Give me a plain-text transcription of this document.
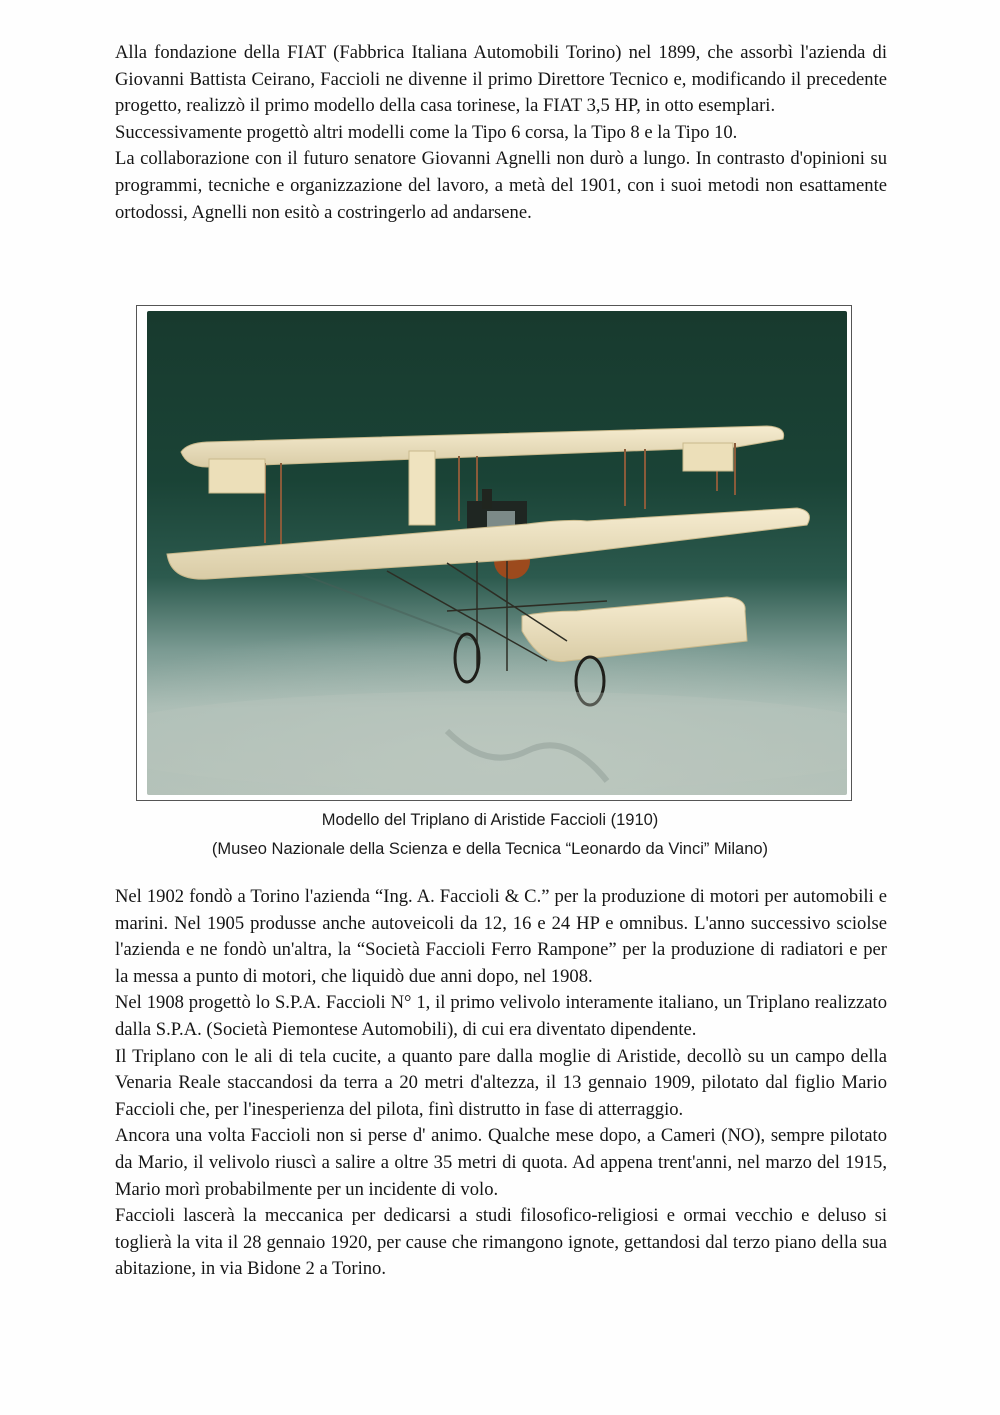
Alla fondazione della FIAT (Fabbrica Italiana Automobili Torino) nel 1899, che assorbì l'azienda di Giovanni Battista Ceirano, Faccioli ne divenne il primo Direttore Tecnico e, modificando il precedente progetto, realizzò il primo modello della casa torinese, la FIAT 3,5 HP, in otto esemplari.

Successivamente progettò altri modelli come la Tipo 6 corsa, la Tipo 8 e la Tipo 10.

La collaborazione con il futuro senatore Giovanni Agnelli non durò a lungo. In contrasto d'opinioni su programmi, tecniche e organizzazione del lavoro, a metà del 1901, con i suoi metodi non esattamente ortodossi, Agnelli non esitò a costringerlo ad andarsene.

Modello del Triplano di Aristide Faccioli (1910)
(Museo Nazionale della Scienza e della Tecnica “Leonardo da Vinci” Milano)

Nel 1902 fondò a Torino l'azienda “Ing. A. Faccioli & C.” per la produzione di motori per automobili e marini. Nel 1905 produsse anche autoveicoli da 12, 16 e 24 HP e omnibus. L'anno successivo sciolse l'azienda e ne fondò un'altra, la “Società Faccioli Ferro Rampone” per la produzione di radiatori e per la messa a punto di motori, che liquidò due anni dopo, nel 1908.

Nel 1908 progettò lo S.P.A. Faccioli N° 1, il primo velivolo interamente italiano, un Triplano realizzato dalla S.P.A. (Società Piemontese Automobili), di cui era diventato dipendente.

Il Triplano con le ali di tela cucite, a quanto pare dalla moglie di Aristide, decollò su un campo della Venaria Reale staccandosi da terra a 20 metri d'altezza, il 13 gennaio 1909, pilotato dal figlio Mario Faccioli che, per l'inesperienza del pilota, finì distrutto in fase di atterraggio.

Ancora una volta Faccioli non si perse d' animo. Qualche mese dopo, a Cameri (NO), sempre pilotato da Mario, il velivolo riuscì a salire a oltre 35 metri di quota. Ad appena trent'anni, nel marzo del 1915, Mario morì probabilmente per un incidente di volo.

Faccioli lascerà la meccanica per dedicarsi a studi filosofico-religiosi e ormai vecchio e deluso si toglierà la vita il 28 gennaio 1920, per cause che rimangono ignote, gettandosi dal terzo piano della sua abitazione, in via Bidone 2 a Torino.
